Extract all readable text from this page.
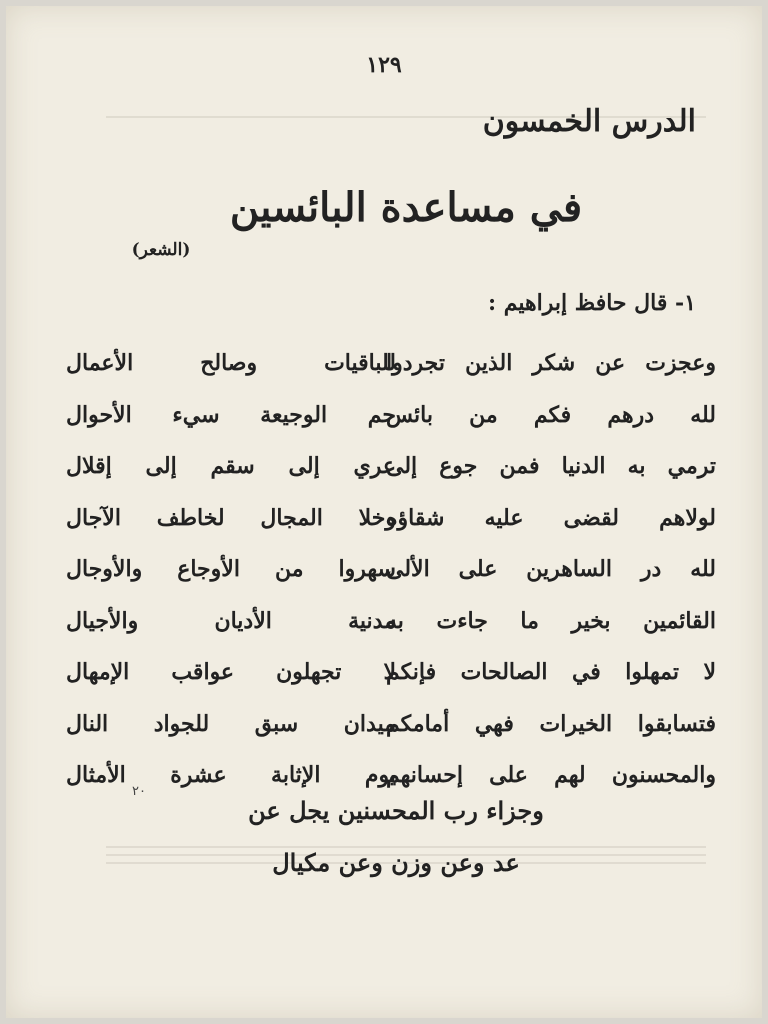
١٢٩
الدرس الخمسون
في مساعدة البائسين
(الشعر)
١- قال حافظ إبراهيم :
وعجزت عن شكر الذين تجردوا
للباقيات وصالح الأعمال
لله درهم فكم من بائس
جم الوجيعة سيء الأحوال
ترمي به الدنيا فمن جوع إلى
عري إلى سقم إلى إقلال
لولاهم لقضى عليه شقاؤه
وخلا المجال لخاطف الآجال
لله در الساهرين على الألى
سهروا من الأوجاع والأوجال
القائمين بخير ما جاءت به
مدنية الأديان والأجيال
لا تمهلوا في الصالحات فإنكم
لا تجهلون عواقب الإمهال
فتسابقوا الخيرات فهي أمامكم
ميدان سبق للجواد النال
والمحسنون لهم على إحسانهم
يوم الإثابة عشرة الأمثال
٢٠
وجزاء رب المحسنين يجل عن
عد وعن وزن وعن مكيال
